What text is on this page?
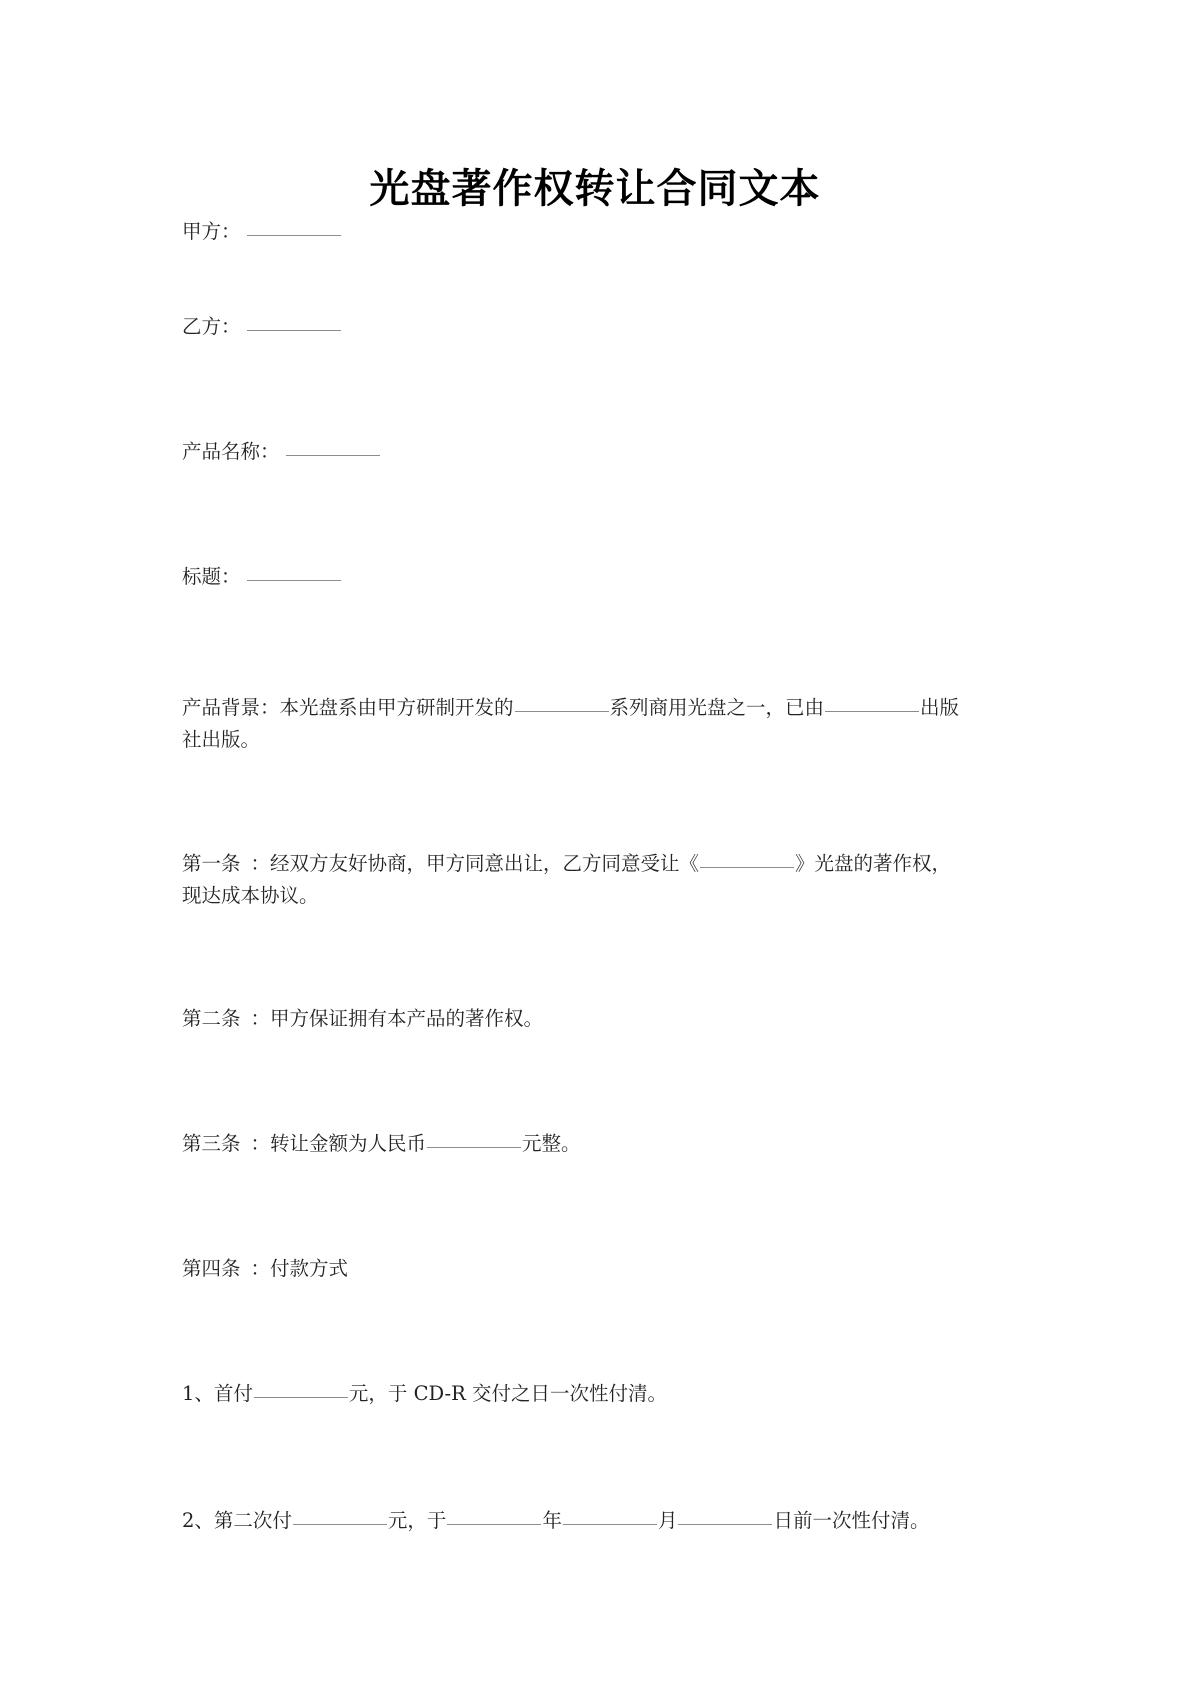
光盘著作权转让合同文本
甲方：
乙方：
产品名称：
标题：
产品背景：本光盘系由甲方研制开发的	系列商用光盘之一，已由	出版
社出版。
第一条 ：经双方友好协商，甲方同意出让，乙方同意受让《	》光盘的著作权，
现达成本协议。
第二条 ：甲方保证拥有本产品的著作权。
第三条 ：转让金额为人民币	元整。
第四条 ：付款方式
1、首付	元，于 CD-R 交付之日一次性付清。
2、第二次付	元，于	年	月	日前一次性付清。
